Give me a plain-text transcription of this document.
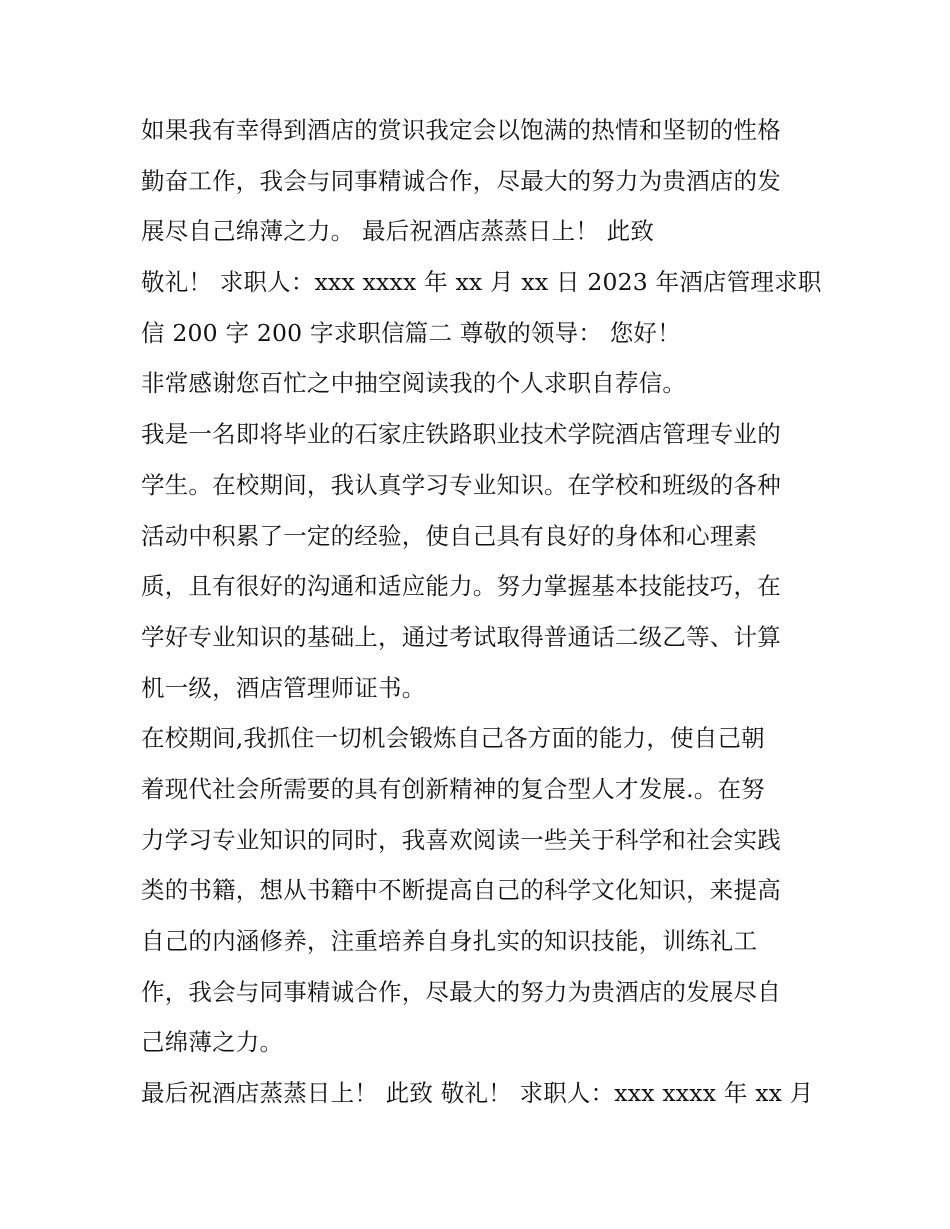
如果我有幸得到酒店的赏识我定会以饱满的热情和坚韧的性格
勤奋工作，我会与同事精诚合作，尽最大的努力为贵酒店的发
展尽自己绵薄之力。 最后祝酒店蒸蒸日上！ 此致
敬礼！ 求职人：xxx xxxx 年 xx 月 xx 日 2023 年酒店管理求职
信 200 字 200 字求职信篇二 尊敬的领导： 您好！
非常感谢您百忙之中抽空阅读我的个人求职自荐信。
我是一名即将毕业的石家庄铁路职业技术学院酒店管理专业的
学生。在校期间，我认真学习专业知识。在学校和班级的各种
活动中积累了一定的经验，使自己具有良好的身体和心理素
质，且有很好的沟通和适应能力。努力掌握基本技能技巧，在
学好专业知识的基础上，通过考试取得普通话二级乙等、计算
机一级，酒店管理师证书。
在校期间,我抓住一切机会锻炼自己各方面的能力，使自己朝
着现代社会所需要的具有创新精神的复合型人才发展.。在努
力学习专业知识的同时，我喜欢阅读一些关于科学和社会实践
类的书籍，想从书籍中不断提高自己的科学文化知识，来提高
自己的内涵修养，注重培养自身扎实的知识技能，训练礼工
作，我会与同事精诚合作，尽最大的努力为贵酒店的发展尽自
己绵薄之力。
最后祝酒店蒸蒸日上！ 此致 敬礼！ 求职人：xxx xxxx 年 xx 月
